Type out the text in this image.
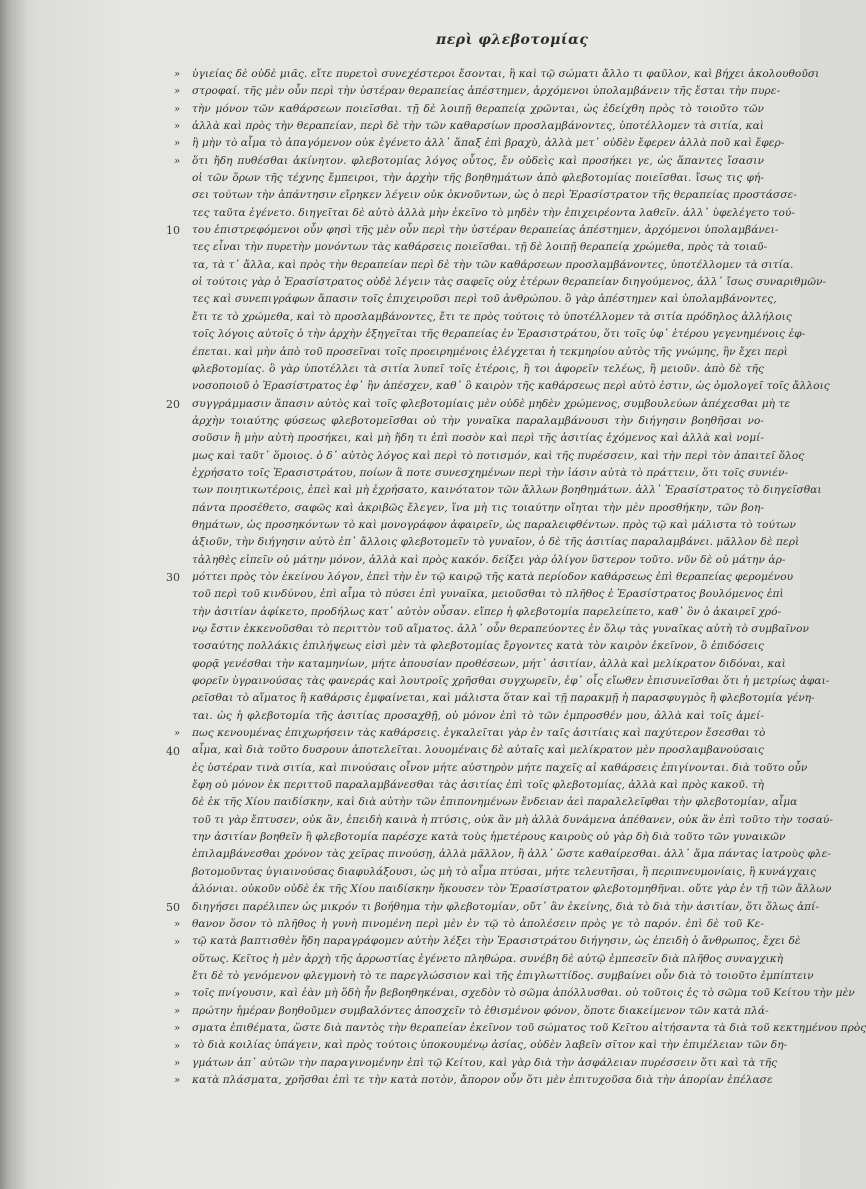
περὶ φλεβοτομίας
»
»
»
»
»
»
»
»
»
»
»
»
»
»
»
10
20
30
40
50
ὑγιείας δὲ οὐδὲ μιᾶς. εἴτε πυρετοὶ συνεχέστεροι ἔσονται, ἢ καὶ τῷ σώματι ἄλλο τι φαῦλον, καὶ βήχει ἀκολουθοῦσι
στροφαί. τῆς μὲν οὖν περὶ τὴν ὑστέραν θεραπείας ἀπέστημεν, ἀρχόμενοι ὑπολαμβάνειν τῆς ἔσται τὴν πυρε-
τὴν μόνον τῶν καθάρσεων ποιεῖσθαι. τῇ δὲ λοιπῇ θεραπείᾳ χρῶνται, ὡς ἐδείχθη πρὸς τὸ τοιοῦτο τῶν
ἀλλὰ καὶ πρὸς τὴν θεραπείαν, περὶ δὲ τὴν τῶν καθαρσίων προσλαμβάνοντες, ὑποτέλλομεν τὰ σιτία, καὶ
ἢ μὴν τὸ αἷμα τὸ ἀπαγόμενον οὐκ ἐγένετο ἀλλ᾽ ἅπαξ ἐπὶ βραχὺ, ἀλλὰ μετ᾽ οὐδὲν ἔφερεν ἀλλὰ ποῦ καὶ ἔφερ-
ὅτι ἤδη πυθέσθαι ἀκίνητον. φλεβοτομίας λόγος οὗτος, ἔν οὐδεὶς καὶ προσήκει γε, ὡς ἅπαντες ἴσασιν
οἱ τῶν ὅρων τῆς τέχνης ἔμπειροι, τὴν ἀρχὴν τῆς βοηθημάτων ἀπὸ φλεβοτομίας ποιεῖσθαι. ἴσως τις φή-
σει τούτων τὴν ἀπάντησιν εἴρηκεν λέγειν οὐκ ὀκνοῦντων, ὡς ὁ περὶ Ἐρασίστρατον τῆς θεραπείας προστάσσε-
τες ταῦτα ἐγένετο. διηγεῖται δὲ αὐτὸ ἀλλὰ μὴν ἐκεῖνο τὸ μηδὲν τὴν ἐπιχειρέοντα λαθεῖν. ἀλλ᾽ ὑφελέγετο τού-
του ἐπιστρεφόμενοι οὖν φησὶ τῆς μὲν οὖν περὶ τὴν ὑστέραν θεραπείας ἀπέστημεν, ἀρχόμενοι ὑπολαμβάνει-
τες εἶναι τὴν πυρετὴν μονόντων τὰς καθάρσεις ποιεῖσθαι. τῇ δὲ λοιπῇ θεραπείᾳ χρώμεθα, πρὸς τὰ τοιαῦ-
τα, τὰ τ᾽ ἄλλα, καὶ πρὸς τὴν θεραπείαν περὶ δὲ τὴν τῶν καθάρσεων προσλαμβάνοντες, ὑποτέλλομεν τὰ σιτία.
οἱ τούτοις γὰρ ὁ Ἐρασίστρατος οὐδὲ λέγειν τὰς σαφεῖς οὐχ ἑτέρων θεραπείαν διηγούμενος, ἀλλ᾽ ἴσως συναριθμῶν-
τες καὶ συνεπιγράφων ἅπασιν τοῖς ἐπιχειροῦσι περὶ τοῦ ἀνθρώπου. ὃ γὰρ ἀπέστημεν καὶ ὑπολαμβάνοντες,
ἔτι τε τὸ χρώμεθα, καὶ τὸ προσλαμβάνοντες, ἔτι τε πρὸς τούτοις τὸ ὑποτέλλομεν τὰ σιτία πρόδηλος ἀλλήλοις
τοῖς λόγοις αὐτοῖς ὁ τὴν ἀρχὴν ἐξηγεῖται τῆς θεραπείας ἐν Ἐρασιστράτου, ὅτι τοῖς ὑφ᾽ ἑτέρου γεγενημένοις ἐφ-
έπεται. καὶ μὴν ἀπὸ τοῦ προσεῖναι τοῖς προειρημένοις ἐλέγχεται ἡ τεκμηρίου αὐτὸς τῆς γνώμης, ἣν ἔχει περὶ
φλεβοτομίας. ὃ γὰρ ὑποτέλλει τὰ σιτία λυπεῖ τοῖς ἑτέροις, ἢ τοι ἀφορεῖν τελέως, ἢ μειοῦν. ἀπὸ δὲ τῆς
νοσοποιοῦ ὁ Ἐρασίστρατος ἐφ᾽ ἣν ἀπέσχεν, καθ᾽ ὃ καιρὸν τῆς καθάρσεως περὶ αὐτὸ ἐστιν, ὡς ὁμολογεῖ τοῖς ἄλλοις
συγγράμμασιν ἅπασιν αὐτὸς καὶ τοῖς φλεβοτομίαις μὲν οὐδὲ μηδὲν χρώμενος, συμβουλεύων ἀπέχεσθαι μὴ τε
ἀρχὴν τοιαύτης φύσεως φλεβοτομεῖσθαι οὐ τὴν γυναῖκα παραλαμβάνουσι τὴν διήγησιν βοηθῆσαι νο-
σοῦσιν ἢ μὴν αὐτὴ προσήκει, καὶ μὴ ἤδη τι ἐπὶ ποσὸν καὶ περὶ τῆς ἀσιτίας ἐχόμενος καὶ ἀλλὰ καὶ νομί-
μως καὶ ταῦτ᾽ ὅμοιος. ὁ δ᾽ αὐτὸς λόγος καὶ περὶ τὸ ποτισμόν, καὶ τῆς πυρέσσειν, καὶ τὴν περὶ τὸν ἀπαιτεῖ ὅλος
ἐχρήσατο τοῖς Ἐρασιστράτου, ποίων ἃ ποτε συνεσχημένων περὶ τὴν ἰάσιν αὐτὰ τὸ πράττειν, ὅτι τοῖς συνιέν-
των ποιητικωτέροις, ἐπεὶ καὶ μὴ ἐχρήσατο, καινότατον τῶν ἄλλων βοηθημάτων. ἀλλ᾽ Ἐρασίστρατος τὸ διηγεῖσθαι
πάντα προσέθετο, σαφῶς καὶ ἀκριβῶς ἔλεγεν, ἵνα μὴ τις τοιαύτην οἴηται τὴν μὲν προσθήκην, τῶν βοη-
θημάτων, ὡς προσηκόντων τὸ καὶ μονογράφον ἀφαιρεῖν, ὡς παραλειφθέντων. πρὸς τῷ καὶ μάλιστα τὸ τούτων
ἀξιοῦν, τὴν διήγησιν αὐτὸ ἐπ᾽ ἄλλοις φλεβοτομεῖν τὸ γυναῖον, ὁ δὲ τῆς ἀσιτίας παραλαμβάνει. μᾶλλον δὲ περὶ
τἀληθὲς εἰπεῖν οὐ μάτην μόνον, ἀλλὰ καὶ πρὸς κακόν. δείξει γὰρ ὀλίγον ὕστερον τοῦτο. νῦν δὲ οὐ μάτην ἀρ-
μόττει πρὸς τὸν ἐκείνου λόγον, ἐπεὶ τὴν ἐν τῷ καιρῷ τῆς κατὰ περίοδον καθάρσεως ἐπὶ θεραπείας φερομένου
τοῦ περὶ τοῦ κινδύνου, ἐπὶ αἷμα τὸ πύσει ἐπὶ γυναῖκα, μειοῦσθαι τὸ πλῆθος ἐ Ἐρασίστρατος βουλόμενος ἐπὶ
τὴν ἀσιτίαν ἀφίκετο, προδήλως κατ᾽ αὐτὸν οὖσαν. εἴπερ ἡ φλεβοτομία παρελείπετο, καθ᾽ ὃν ὁ ἀκαιρεῖ χρό-
νῳ ἔστιν ἐκκενοῦσθαι τὸ περιττὸν τοῦ αἵματος. ἀλλ᾽ οὖν θεραπεύοντες ἐν ὅλῳ τὰς γυναῖκας αὐτὴ τὸ συμβαῖνον
τοσαύτης πολλάκις ἐπιλήψεως εἰσὶ μὲν τὰ φλεβοτομίας ἔργοντες κατὰ τὸν καιρὸν ἐκεῖνον, ὃ ἐπιδόσεις
φορᾷ γενέσθαι τὴν καταμηνίων, μήτε ἀπουσίαν προθέσεων, μήτ᾽ ἀσιτίαν, ἀλλὰ καὶ μελίκρατον διδόναι, καὶ
φορεῖν ὑγραινούσας τὰς φανεράς καὶ λουτροῖς χρῆσθαι συγχωρεῖν, ἐφ᾽ οἷς εἴωθεν ἐπισυνεῖσθαι ὅτι ἡ μετρίως ἀφαι-
ρεῖσθαι τὸ αἵματος ἢ καθάρσις ἐμφαίνεται, καὶ μάλιστα ὅταν καὶ τῇ παρακμῇ ἡ παρασφυγμὸς ἢ φλεβοτομία γένη-
ται. ὡς ἡ φλεβοτομία τῆς ἀσιτίας προσαχθῇ, οὐ μόνον ἐπὶ τὸ τῶν ἐμπροσθέν μου, ἀλλὰ καὶ τοῖς ἀμεί-
πως κενουμένας ἐπιχωρήσειν τὰς καθάρσεις. ἐγκαλεῖται γὰρ ἐν ταῖς ἀσιτίαις καὶ παχύτερον ἔσεσθαι τὸ
αἷμα, καὶ διὰ τοῦτο δυσρουν ἀποτελεῖται. λουομέναις δὲ αὐταῖς καὶ μελίκρατον μὲν προσλαμβανούσαις
ἐς ὑστέραν τινὰ σιτία, καὶ πινούσαις οἶνον μήτε αὐστηρὸν μήτε παχεῖς αἱ καθάρσεις ἐπιγίνονται. διὰ τοῦτο οὖν
ἔφη οὐ μόνον ἐκ περιττοῦ παραλαμβάνεσθαι τὰς ἀσιτίας ἐπὶ τοῖς φλεβοτομίας, ἀλλὰ καὶ πρὸς κακοῦ. τὴ
δὲ ἐκ τῆς Χίου παιδίσκην, καὶ διὰ αὐτὴν τῶν ἐπιπονημένων ἔνδειαν ἀεὶ παραλελεῖφθαι τὴν φλεβοτομίαν, αἷμα
τοῦ τι γὰρ ἔπτυσεν, οὐκ ἂν, ἐπειδὴ καινὰ ἡ πτύσις, οὐκ ἂν μὴ ἀλλὰ δυνάμενα ἀπέθανεν, οὐκ ἂν ἐπὶ τοῦτο τὴν τοσαύ-
την ἀσιτίαν βοηθεῖν ἢ φλεβοτομία παρέσχε κατὰ τοὺς ἡμετέρους καιροὺς οὐ γὰρ δὴ διὰ τοῦτο τῶν γυναικῶν
ἐπιλαμβάνεσθαι χρόνον τὰς χεῖρας πινούσῃ, ἀλλὰ μᾶλλον, ἢ ἀλλ᾽ ὥστε καθαίρεσθαι. ἀλλ᾽ ἅμα πάντας ἰατροὺς φλε-
βοτομοῦντας ὑγιαινούσας διαφυλάξουσι, ὡς μὴ τὸ αἷμα πτύσαι, μήτε τελευτῆσαι, ἢ περιπνευμονίαις, ἢ κυνάγχαις
ἀλόνιαι. οὐκοῦν οὐδὲ ἐκ τῆς Χίου παιδίσκην ἤκουσεν τὸν Ἐρασίστρατον φλεβοτομηθῆναι. οὔτε γὰρ ἐν τῇ τῶν ἄλλων
διηγήσει παρέλιπεν ὡς μικρόν τι βοήθημα τὴν φλεβοτομίαν, οὔτ᾽ ἂν ἐκείνης, διὰ τὸ διὰ τὴν ἀσιτίαν, ὅτι ὅλως ἀπί-
θανον ὅσον τὸ πλῆθος ἡ γυνὴ πινομένη περὶ μὲν ἐν τῷ τὸ ἀπολέσειν πρὸς γε τὸ παρόν. ἐπὶ δὲ τοῦ Κε-
τῷ κατὰ βαπτισθὲν ἤδη παραγράφομεν αὐτὴν λέξει τὴν Ἐρασιστράτου διήγησιν, ὡς ἐπειδὴ ὁ ἄνθρωπος, ἔχει δὲ
οὕτως. Κεῖτος ἡ μὲν ἀρχὴ τῆς ἀρρωστίας ἐγένετο πληθώρα. συνέβη δὲ αὐτῷ ἐμπεσεῖν διὰ πλῆθος συναγχικὴ
ἔτι δὲ τὸ γενόμενον φλεγμονὴ τὸ τε παρεγλώσσιον καὶ τῆς ἐπιγλωττίδος. συμβαίνει οὖν διὰ τὸ τοιοῦτο ἐμπίπτειν
τοῖς πνίγουσιν, καὶ ἐὰν μὴ ὅδὴ ἦν βεβοηθηκέναι, σχεδὸν τὸ σῶμα ἀπόλλυσθαι. οὐ τοῦτοις ἐς τὸ σῶμα τοῦ Κείτου τὴν μὲν
πρώτην ἡμέραν βοηθοῦμεν συμβαλόντες ἀποσχεῖν τὸ ἐθισμένον φόνον, ὅποτε διακείμενον τῶν κατὰ πλά-
σματα ἐπιθέματα, ὥστε διὰ παντὸς τὴν θεραπείαν ἐκεῖνον τοῦ σώματος τοῦ Κεῖτου αἰτήσαντα τὰ διὰ τοῦ κεκτημένου πρὸς
τὸ διὰ κοιλίας ὑπάγειν, καὶ πρὸς τούτοις ὑποκουμένῳ ἀσίας, οὐδὲν λαβεῖν σῖτον καὶ τὴν ἐπιμέλειαν τῶν δη-
γμάτων ἀπ᾽ αὐτῶν τὴν παραγινομένην ἐπὶ τῷ Κείτου, καὶ γὰρ διὰ τὴν ἀσφάλειαν πυρέσσειν ὅτι καὶ τὰ τῆς
κατὰ πλάσματα, χρῆσθαι ἐπὶ τε τὴν κατὰ ποτὸν, ἄπορον οὖν ὅτι μὲν ἐπιτυχοῦσα διὰ τὴν ἀπορίαν ἐπέλασε
